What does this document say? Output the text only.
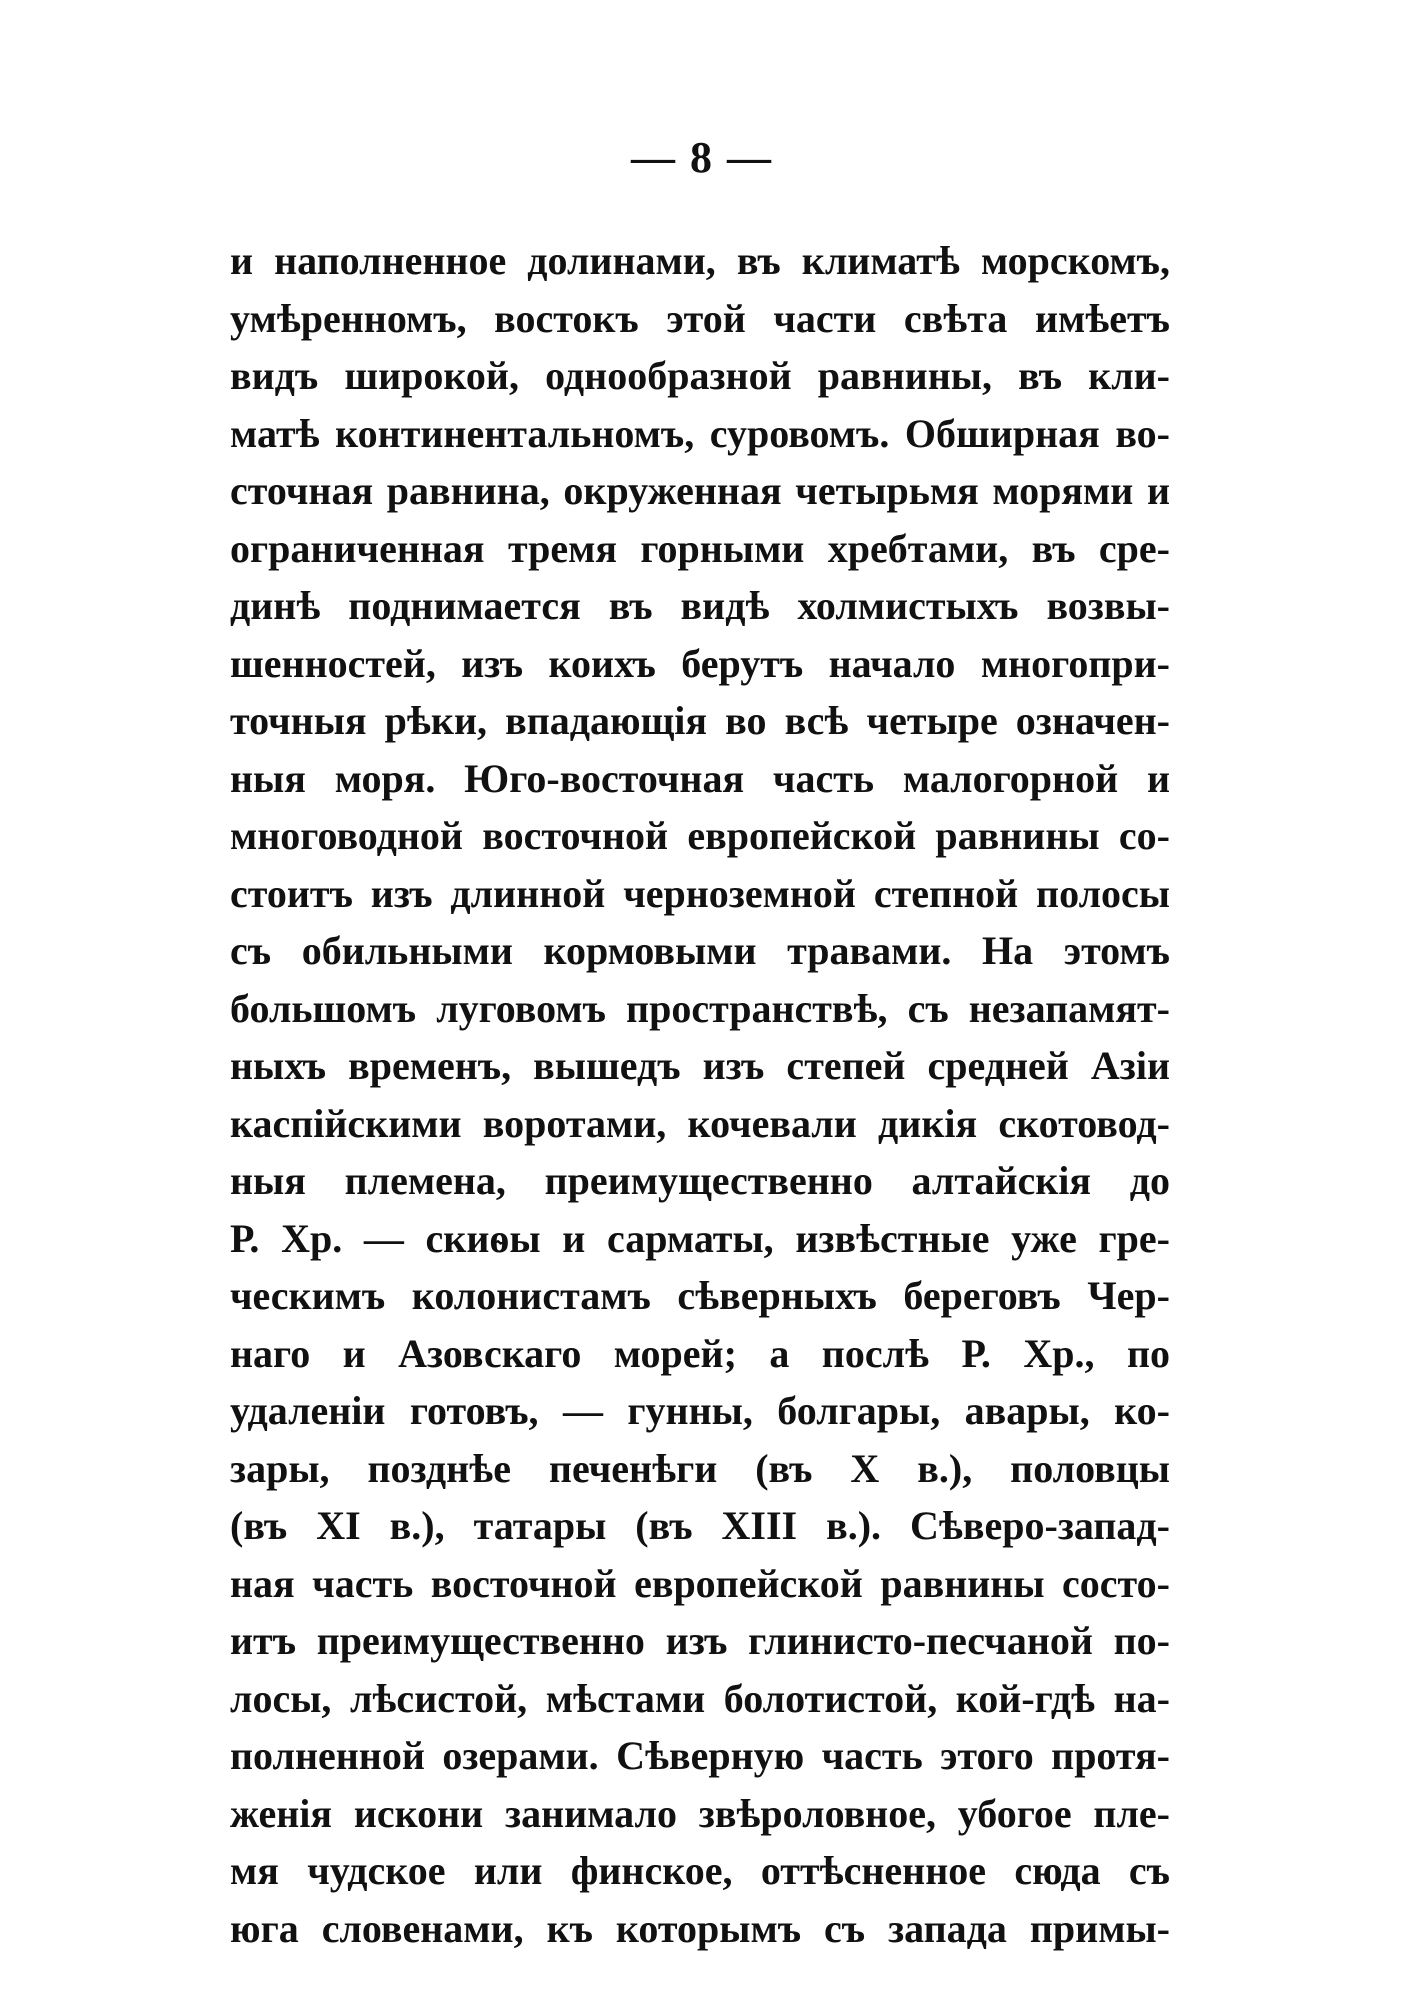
— 8 —
и наполненное долинами, въ климатѣ морскомъ,
умѣренномъ, востокъ этой части свѣта имѣетъ
видъ широкой, однообразной равнины, въ кли-
матѣ континентальномъ, суровомъ. Обширная во-
сточная равнина, окруженная четырьмя морями и
ограниченная тремя горными хребтами, въ сре-
динѣ поднимается въ видѣ холмистыхъ возвы-
шенностей, изъ коихъ берутъ начало многопри-
точныя рѣки, впадающія во всѣ четыре означен-
ныя моря. Юго-восточная часть малогорной и
многоводной восточной европейской равнины со-
стоитъ изъ длинной черноземной степной полосы
съ обильными кормовыми травами. На этомъ
большомъ луговомъ пространствѣ, съ незапамят-
ныхъ временъ, вышедъ изъ степей средней Азіи
каспійскими воротами, кочевали дикія скотовод-
ныя племена, преимущественно алтайскія до
Р. Хр. — скиѳы и сарматы, извѣстные уже гре-
ческимъ колонистамъ сѣверныхъ береговъ Чер-
наго и Азовскаго морей; а послѣ Р. Хр., по
удаленіи готовъ, — гунны, болгары, авары, ко-
зары, позднѣе печенѣги (въ X в.), половцы
(въ XI в.), татары (въ XIII в.). Сѣверо-запад-
ная часть восточной европейской равнины состо-
итъ преимущественно изъ глинисто-песчаной по-
лосы, лѣсистой, мѣстами болотистой, кой-гдѣ на-
полненной озерами. Сѣверную часть этого протя-
женія искони занимало звѣроловное, убогое пле-
мя чудское или финское, оттѣсненное сюда съ
юга словенами, къ которымъ съ запада примы-
